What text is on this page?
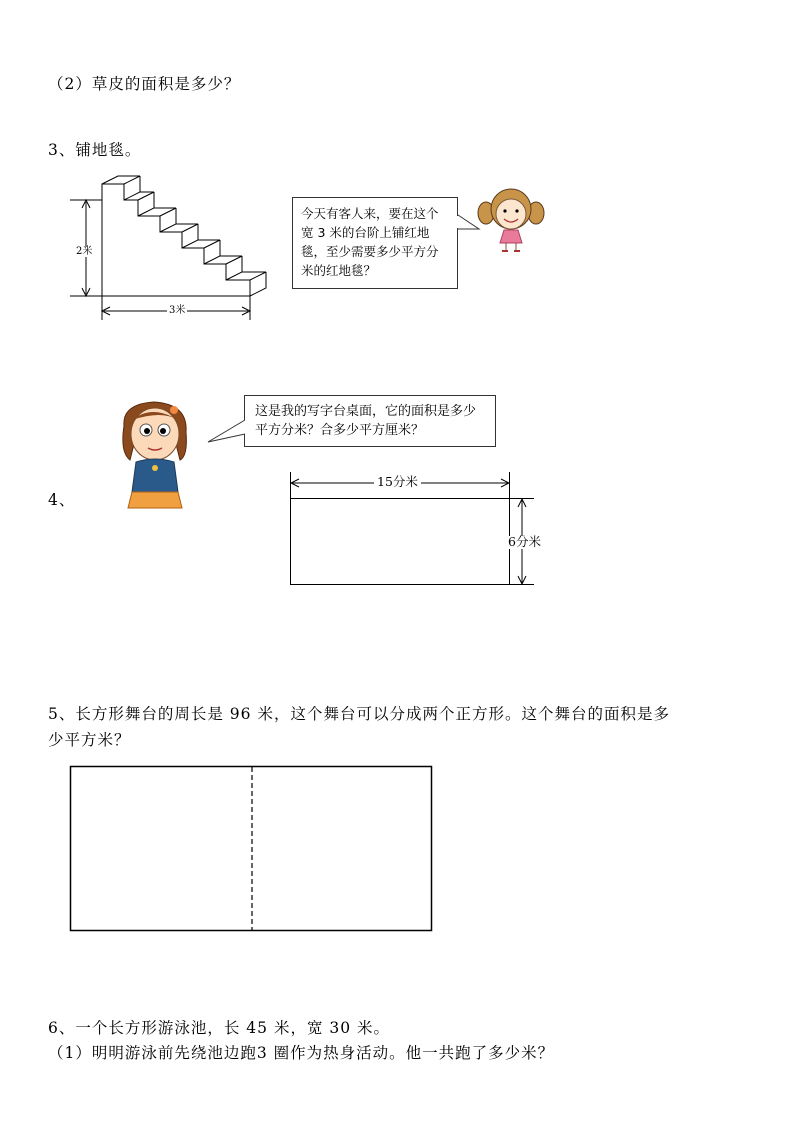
（2）草皮的面积是多少？
3、铺地毯。
2米
3米
今天有客人来，要在这个
宽 3 米的台阶上铺红地
毯，至少需要多少平方分
米的红地毯？
这是我的写字台桌面，它的面积是多少
平方分米？合多少平方厘米？
4、
15分米
6分米
5、长方形舞台的周长是 96 米，这个舞台可以分成两个正方形。这个舞台的面积是多
少平方米？
6、一个长方形游泳池，长 45 米，宽 30 米。
（1）明明游泳前先绕池边跑3 圈作为热身活动。他一共跑了多少米？
